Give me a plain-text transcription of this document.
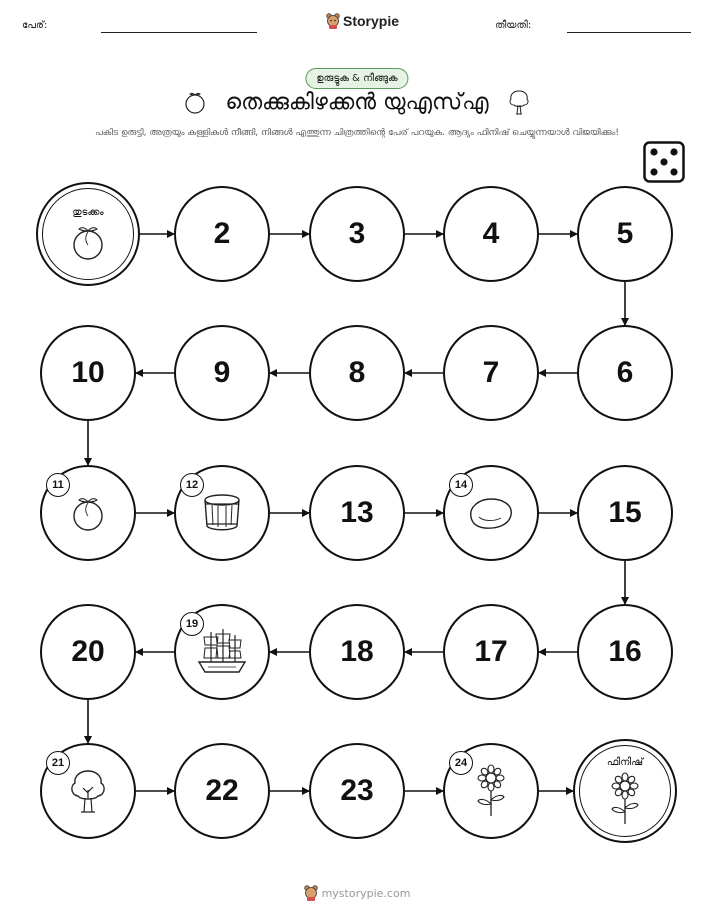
പേര്:	Storypie	തീയതി:
ഉരുട്ടുക & നീങ്ങുക
തെക്കുകിഴക്കൻ യുഎസ്എ
പകിട ഉരുട്ടി, അത്രയും കള്ളികൾ നീങ്ങി, നിങ്ങൾ എത്തുന്ന ചിത്രത്തിന്റെ പേര് പറയുക. ആദ്യം ഫിനിഷ് ചെയ്യുന്നയാൾ വിജയിക്കും!
തുടക്കം
2	3	4	5
6
7
8
9
10
11	12
13
14
15
16
17
18
19
20
21
22	23
24	ഫിനിഷ്
mystorypie.com
